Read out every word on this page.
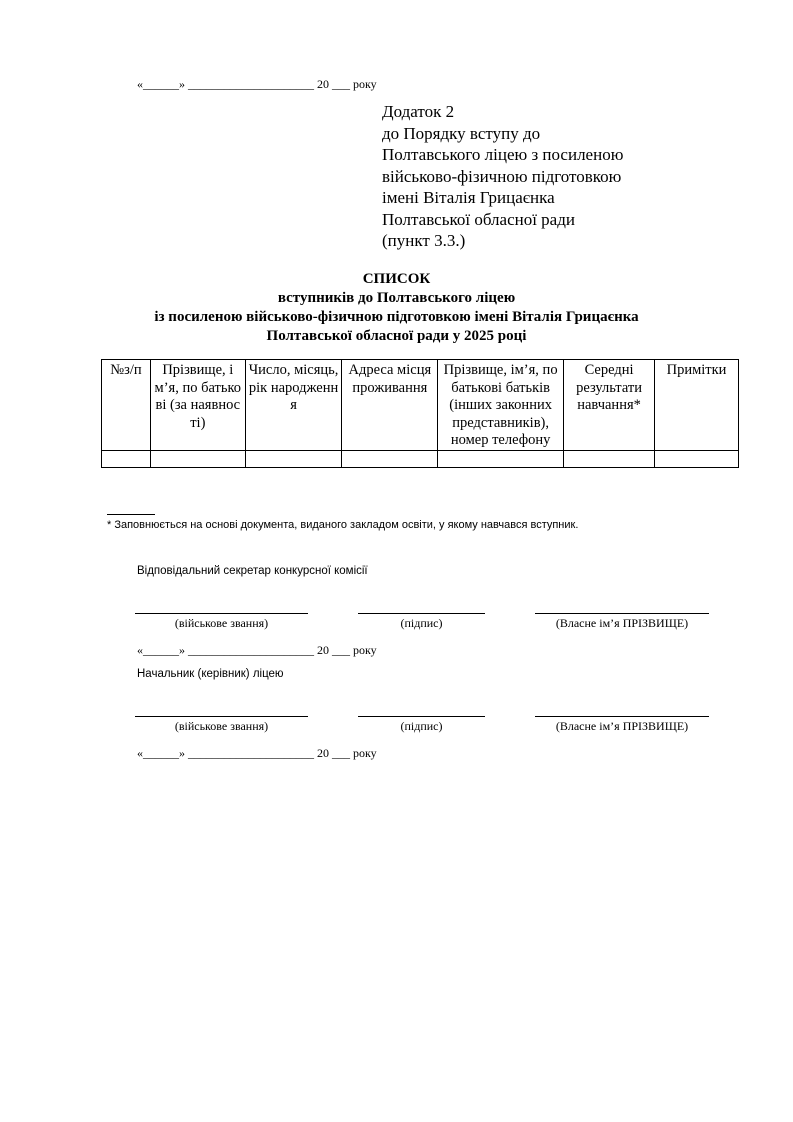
«______» _____________________ 20 ___ року
Додаток 2
до Порядку вступу до
Полтавського ліцею з посиленою
військово-фізичною підготовкою
імені Віталія Грицаєнка
Полтавської обласної ради
(пункт 3.3.)
СПИСОК
вступників до Полтавського ліцею
із посиленою військово-фізичною підготовкою імені Віталія Грицаєнка
Полтавської обласної ради у 2025 році
№з/п	Прізвище, ім’я, по батькові (за наявності)	Число, місяць, рік народження	Адреса місця проживання	Прізвище, ім’я, по батькові батьків (інших законних представників), номер телефону	Середні результати навчання*	Примітки

* Заповнюється на основі документа, виданого закладом освіти, у якому навчався вступник.
Відповідальний секретар конкурсної комісії
(військове звання)	(підпис)	(Власне ім’я ПРІЗВИЩЕ)
«______» _____________________ 20 ___ року
Начальник (керівник) ліцею
(військове звання)	(підпис)	(Власне ім’я ПРІЗВИЩЕ)
«______» _____________________ 20 ___ року
